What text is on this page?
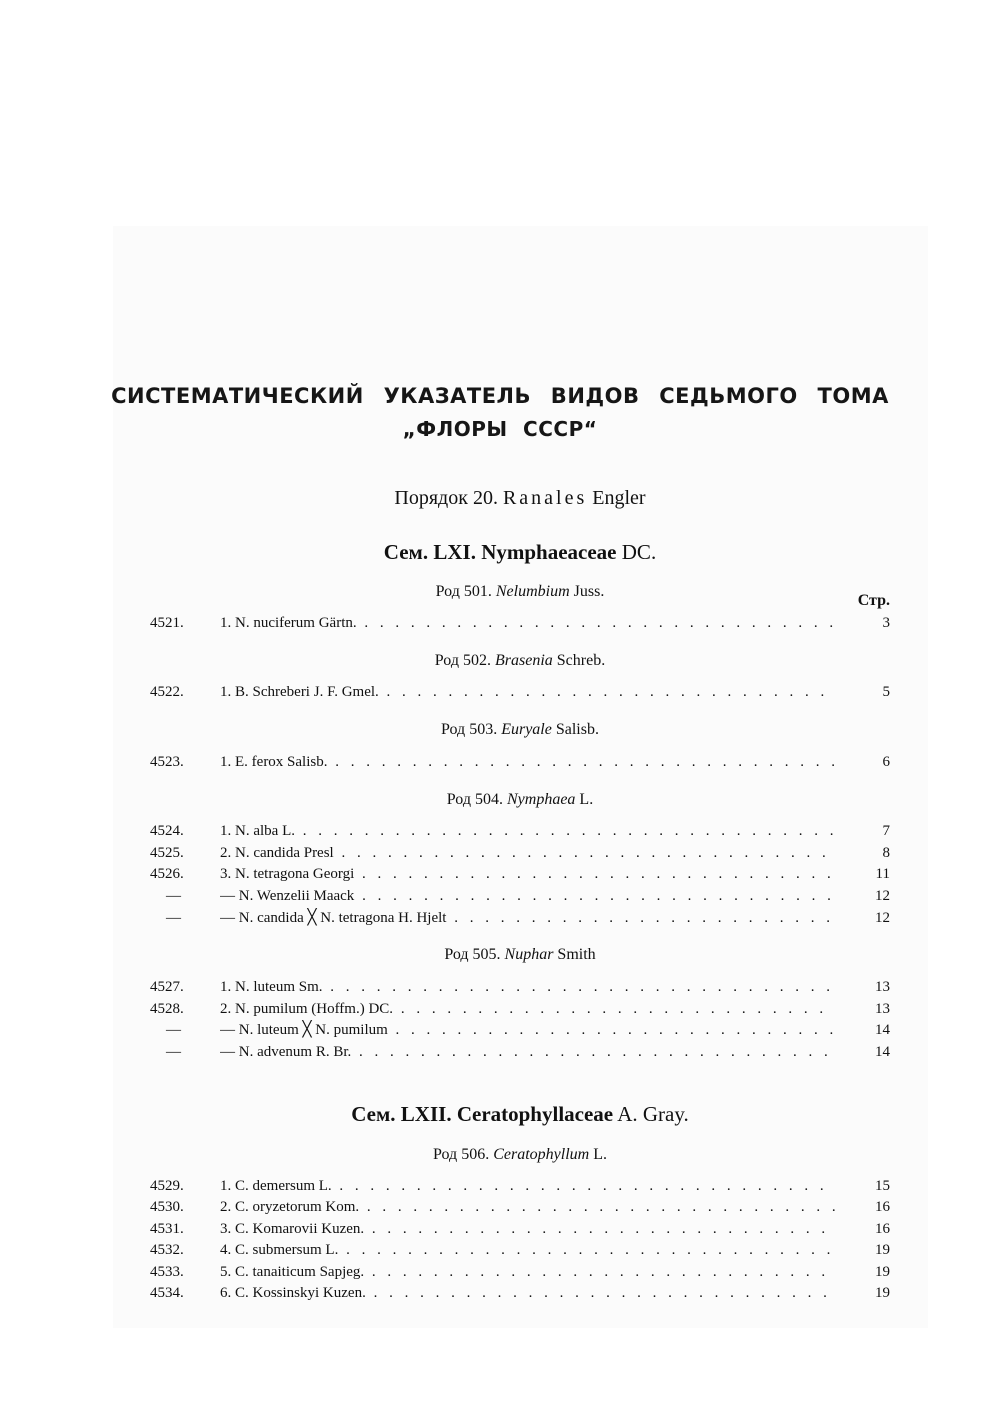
СИСТЕМАТИЧЕСКИЙ УКАЗАТЕЛЬ ВИДОВ СЕДЬМОГО ТОМА
„ФЛОРЫ СССР“
Порядок 20. Ranales Engler
Сем. LXI. Nymphaeaceae DC.
Стр.
Род 501. Nelumbium Juss.
4521.	1. N. nuciferum Gärtn. . . .	3
Род 502. Brasenia Schreb.
4522.	1. B. Schreberi J. F. Gmel. . . .	5
Род 503. Euryale Salisb.
4523.	1. E. ferox Salisb. . . .	6
Род 504. Nymphaea L.
4524.	1. N. alba L. . . .	7
4525.	2. N. candida Presl . . .	8
4526.	3. N. tetragona Georgi . . .	11
—	— N. Wenzelii Maack . . .	12
—	— N. candida ╳ N. tetragona H. Hjelt . . .	12
Род 505. Nuphar Smith
4527.	1. N. luteum Sm. . . .	13
4528.	2. N. pumilum (Hoffm.) DC. . . .	13
—	— N. luteum ╳ N. pumilum . . .	14
—	— N. advenum R. Br. . . .	14
Сем. LXII. Ceratophyllaceae A. Gray.
Род 506. Ceratophyllum L.
4529.	1. C. demersum L. . . .	15
4530.	2. C. oryzetorum Kom. . . .	16
4531.	3. C. Komarovii Kuzen. . . .	16
4532.	4. C. submersum L. . . .	19
4533.	5. C. tanaiticum Sapjeg. . . .	19
4534.	6. C. Kossinskyi Kuzen. . . .	19
